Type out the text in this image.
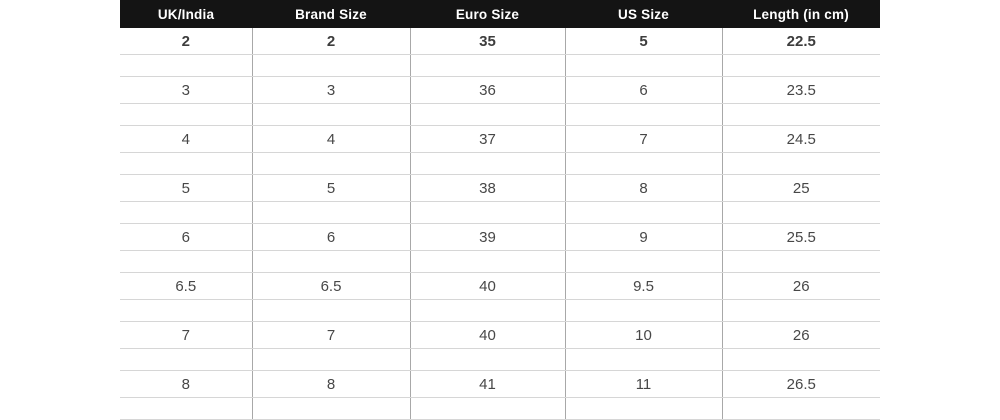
UK/India	Brand Size	Euro Size	US Size	Length (in cm)
2	2	35	5	22.5

3	3	36	6	23.5

4	4	37	7	24.5

5	5	38	8	25

6	6	39	9	25.5

6.5	6.5	40	9.5	26

7	7	40	10	26

8	8	41	11	26.5
